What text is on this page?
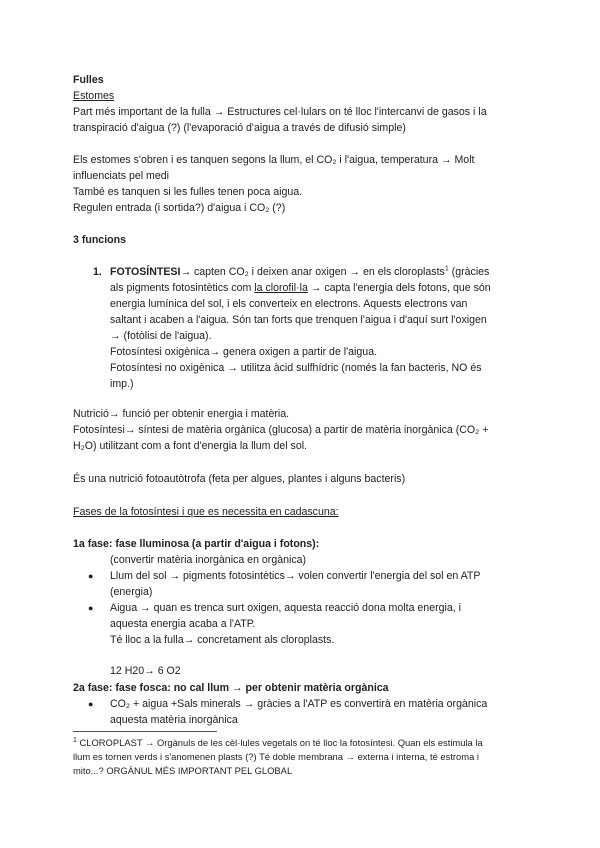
Fulles
Estomes
Part més important de la fulla → Estructures cel·lulars on té lloc l'intercanvi de gasos i la
transpiració d'aigua (?) (l'evaporació d'aigua a través de difusió simple)
Els estomes s'obren i es tanquen segons la llum, el CO₂ i l'aigua, temperatura → Molt
influenciats pel medi
També es tanquen si les fulles tenen poca aigua.
Regulen entrada (i sortida?) d'aigua i CO₂ (?)
3 funcions
1. FOTOSÍNTESI→ capten CO₂ i deixen anar oxigen → en els cloroplasts$^1$ (gràcies
als pigments fotosintètics com la clorofil·la → capta l'energia dels fotons, que són
energia lumínica del sol, i els converteix en electrons. Aquests electrons van
saltant i acaben a l'aigua. Són tan forts que trenquen l'aigua i d'aquí surt l'oxigen
→ (fotòlisi de l'aigua).
Fotosíntesi oxigènica→ genera oxigen a partir de l'aigua.
Fotosíntesi no oxigènica → utilitza àcid sulfhídric (només la fan bacteris, NO és
imp.)
Nutrició→ funció per obtenir energia i matèria.
Fotosíntesi→ síntesi de matèria orgànica (glucosa) a partir de matèria inorgànica (CO₂ +
H₂O) utilitzant com a font d'energia la llum del sol.
És una nutrició fotoautòtrofa (feta per algues, plantes i alguns bacteris)
Fases de la fotosíntesi i que es necessita en cadascuna:
1a fase: fase lluminosa (a partir d'aigua i fotons):
(convertir matèria inorgànica en orgànica)
● Llum del sol → pigments fotosintètics→ volen convertir l'energia del sol en ATP
(energia)
● Aigua → quan es trenca surt oxigen, aquesta reacció dona molta energia, i
aquesta energia acaba a l'ATP.
Té lloc a la fulla→ concretament als cloroplasts.
12 H20→ 6 O2
2a fase: fase fosca: no cal llum → per obtenir matèria orgànica
● CO₂ + aigua +Sals minerals → gràcies a l'ATP es convertirà en matèria orgànica
aquesta matèria inorgànica
$^1$ CLOROPLAST → Orgànuls de les cèl·lules vegetals on té lloc la fotosíntesi. Quan els estimula la
llum es tornen verds i s'anomenen plasts (?) Té doble membrana → externa i interna, té estroma i
mito...? ORGÀNUL MÉS IMPORTANT PEL GLOBAL
